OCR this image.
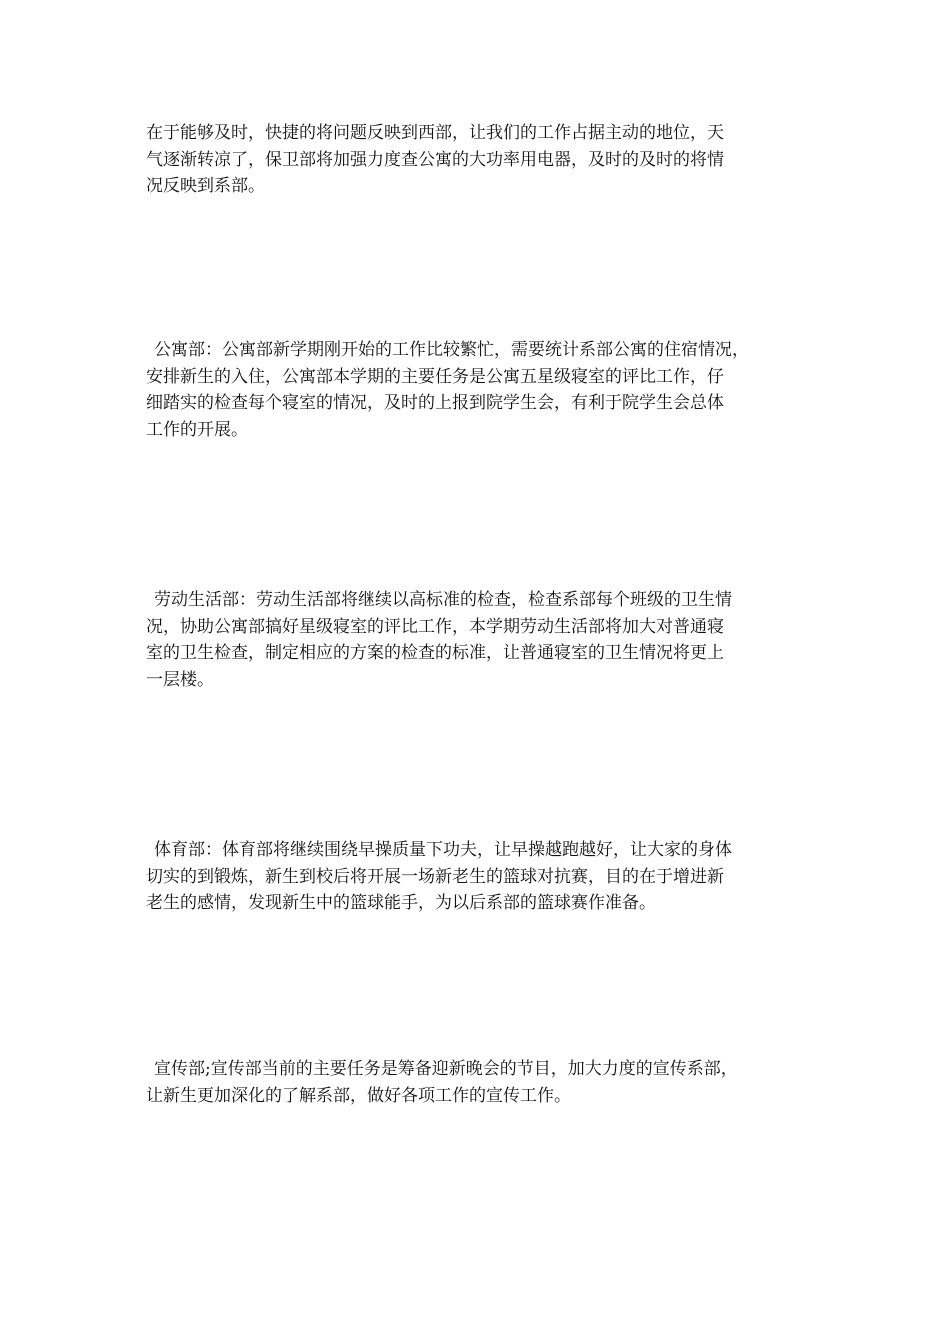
在于能够及时，快捷的将问题反映到西部，让我们的工作占据主动的地位，天
气逐渐转凉了，保卫部将加强力度查公寓的大功率用电器，及时的及时的将情
况反映到系部。
公寓部：公寓部新学期刚开始的工作比较繁忙，需要统计系部公寓的住宿情况，
安排新生的入住，公寓部本学期的主要任务是公寓五星级寝室的评比工作，仔
细踏实的检查每个寝室的情况，及时的上报到院学生会，有利于院学生会总体
工作的开展。
劳动生活部：劳动生活部将继续以高标准的检查，检查系部每个班级的卫生情
况，协助公寓部搞好星级寝室的评比工作，本学期劳动生活部将加大对普通寝
室的卫生检查，制定相应的方案的检查的标准，让普通寝室的卫生情况将更上
一层楼。
体育部：体育部将继续围绕早操质量下功夫，让早操越跑越好，让大家的身体
切实的到锻炼，新生到校后将开展一场新老生的篮球对抗赛，目的在于增进新
老生的感情，发现新生中的篮球能手，为以后系部的篮球赛作准备。
宣传部;宣传部当前的主要任务是筹备迎新晚会的节目，加大力度的宣传系部，
让新生更加深化的了解系部，做好各项工作的宣传工作。
